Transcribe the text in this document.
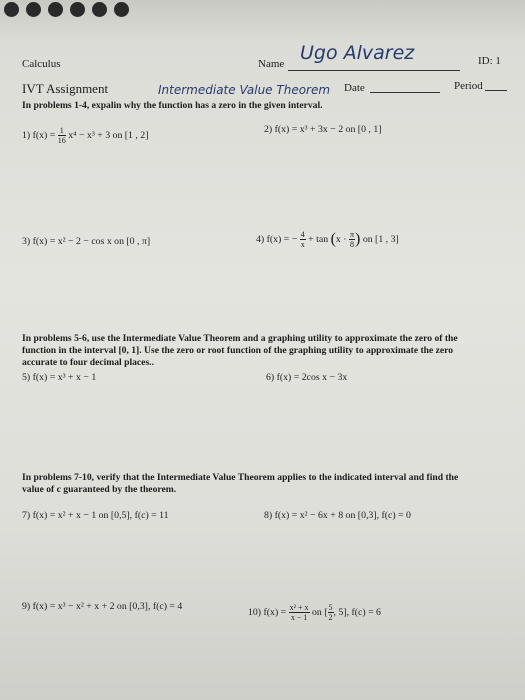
Calculus	Name Ugo Alvarez	ID: 1
IVT Assignment	Intermediate Value Theorem Date	Period
In problems 1-4, expalin why the function has a zero in the given interval.
1) $f(x) = \frac{1}{16} x^4 - x^3 + 3$ on [1 , 2]
2) f(x) = x³ + 3x − 2 on [0 , 1]
3) f(x) = x² − 2 − cos x on [0 , π]	4) f(x) = − $\frac{4}{x} + \tan (x \cdot \frac{\pi}{8}$ ) on [1 , 3]
In problems 5-6, use the Intermediate Value Theorem and a graphing utility to approximate the zero of the function in the interval [0, 1]. Use the zero or root function of the graphing utility to approximate the zero accurate to four decimal places..
5) f(x) = x³ + x − 1	6) f(x) = 2cos x − 3x
In problems 7-10, verify that the Intermediate Value Theorem applies to the indicated interval and find the value of c guaranteed by the theorem.
7) f(x) = x² + x − 1 on [0,5], f(c) = 11	8) f(x) = x² − 6x + 8 on [0,3], f(c) = 0
9) f(x) = x³ − x² + x + 2 on [0,3], f(c) = 4
10) $f(x) = \frac{\text{x² + x}}{x - 1}$ on [ $\frac{5}{2}$ , 5], f(c) = 6
